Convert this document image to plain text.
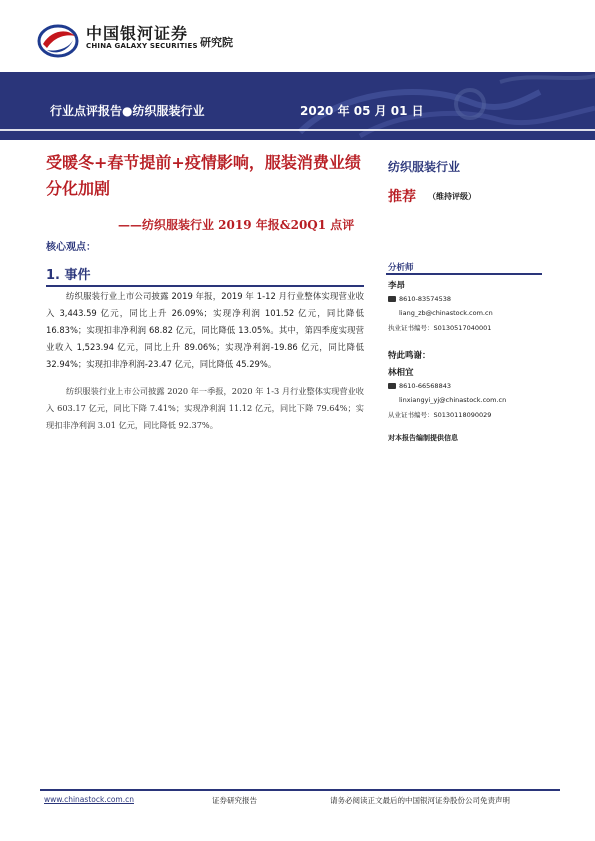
中国银河证券
CHINA GALAXY SECURITIES 研究院
行业点评报告●纺织服装行业	2020 年 05 月 01 日
受暖冬+春节提前+疫情影响，服装消费业绩分化加剧
——纺织服装行业 2019 年报&20Q1 点评
核心观点：
1. 事件
纺织服装行业上市公司披露 2019 年报，2019 年 1-12 月行业整体实现营业收入 3,443.59 亿元，同比上升 26.09%；实现净利润 101.52 亿元，同比降低 16.83%；实现扣非净利润 68.82 亿元，同比降低 13.05%。其中，第四季度实现营业收入 1,523.94 亿元，同比上升 89.06%；实现净利润-19.86 亿元，同比降低 32.94%；实现扣非净利润-23.47 亿元，同比降低 45.29%。
纺织服装行业上市公司披露 2020 年一季报，2020 年 1-3 月行业整体实现营业收入 603.17 亿元，同比下降 7.41%；实现净利润 11.12 亿元，同比下降 79.64%；实现扣非净利润 3.01 亿元，同比降低 92.37%。
纺织服装行业
推荐 （维持评级）
分析师
李昂
8610-83574538
liang_zb@chinastock.com.cn
执业证书编号：S0130517040001
特此鸣谢：
林相宜
8610-66568843
linxiangyi_yj@chinastock.com.cn
从业证书编号：S0130118090029
对本报告编制提供信息
www.chinastock.com.cn	证券研究报告	请务必阅读正文最后的中国银河证券股份公司免责声明
